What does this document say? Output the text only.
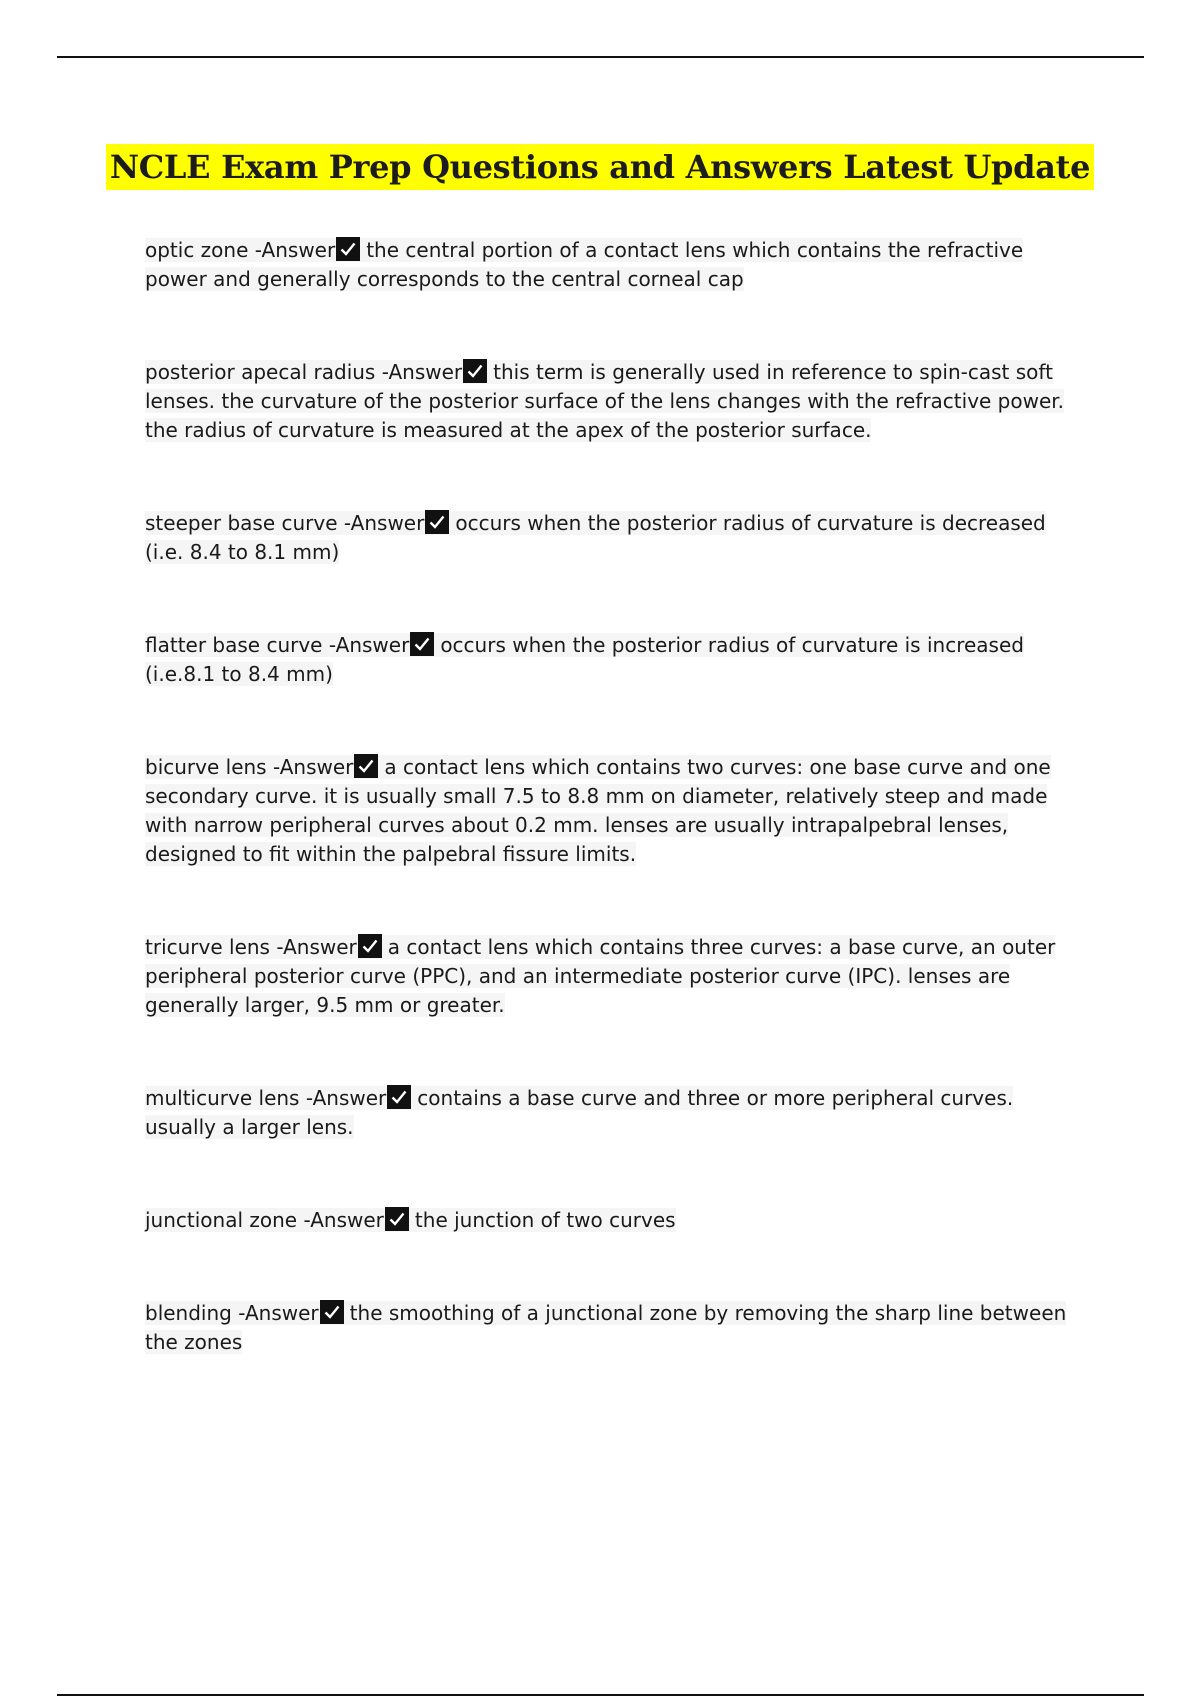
NCLE Exam Prep Questions and Answers Latest Update
optic zone -Answer the central portion of a contact lens which contains the refractive power and generally corresponds to the central corneal cap
posterior apecal radius -Answer this term is generally used in reference to spin-cast soft lenses. the curvature of the posterior surface of the lens changes with the refractive power. the radius of curvature is measured at the apex of the posterior surface.
steeper base curve -Answer occurs when the posterior radius of curvature is decreased (i.e. 8.4 to 8.1 mm)
flatter base curve -Answer occurs when the posterior radius of curvature is increased (i.e.8.1 to 8.4 mm)
bicurve lens -Answer a contact lens which contains two curves: one base curve and one secondary curve. it is usually small 7.5 to 8.8 mm on diameter, relatively steep and made with narrow peripheral curves about 0.2 mm. lenses are usually intrapalpebral lenses, designed to fit within the palpebral fissure limits.
tricurve lens -Answer a contact lens which contains three curves: a base curve, an outer peripheral posterior curve (PPC), and an intermediate posterior curve (IPC). lenses are generally larger, 9.5 mm or greater.
multicurve lens -Answer contains a base curve and three or more peripheral curves. usually a larger lens.
junctional zone -Answer the junction of two curves
blending -Answer the smoothing of a junctional zone by removing the sharp line between the zones
